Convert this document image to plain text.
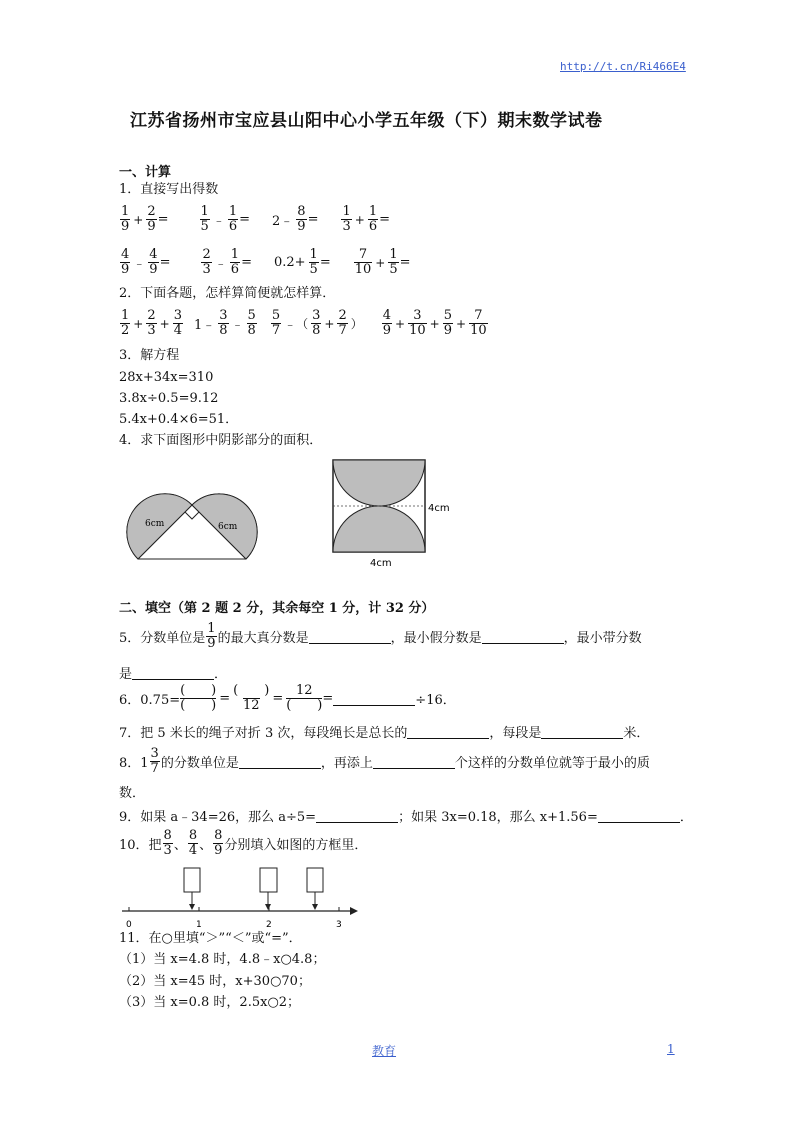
http://t.cn/Ri466E4
江苏省扬州市宝应县山阳中心小学五年级（下）期末数学试卷
一、计算
1．直接写出得数
$\frac{1}{9} + \frac{2}{9} = \frac{1}{5}$ ﹣ $\frac{1}{6}$ = 2﹣ $\frac{8}{9} = \frac{1}{3} + \frac{1}{6}$ =
$\frac{4}{9}$ ﹣ $\frac{4}{9} = \frac{2}{3}$ ﹣ $\frac{1}{6} = 0.2+ \frac{1}{5} = \frac{7}{10} + \frac{1}{5}$ =
2．下面各题，怎样算简便就怎样算．
$\frac{1}{2} + \frac{2}{3} + \frac{3}{4}$ 1﹣ $\frac{3}{8}$ ﹣ $\frac{5}{8} \frac{5}{7}$ ﹣（ $\frac{3}{8} + \frac{2}{7}$ ） $\frac{4}{9} + \frac{3}{10} + \frac{5}{9} + \frac{7}{10}$
3．解方程
28x+34x=310
3.8x÷0.5=9.12
5.4x+0.4×6=51．
4．求下面图形中阴影部分的面积．
6cm	6cm
4cm
4cm
二、填空（第 2 题 2 分，其余每空 1 分，计 32 分）
5．分数单位是 $\frac{1}{9}$ 的最大真分数是	，最小假分数是	，最小带分数
是	．
6．0.75=
(　　)
(　　) =
(　　)
12 =
12
(　　) =	÷16．
7．把 5 米长的绳子对折 3 次，每段绳长是总长的	，每段是	米．
8．$1 \frac{3}{7}$ 的分数单位是	，再添上	个这样的分数单位就等于最小的质
数．
9．如果 a﹣34=26，那么 a÷5=	；如果 3x=0.18，那么 x+1.56=	．
10．把 $\frac{8}{3}$ 、 $\frac{8}{4}$ 、 $\frac{8}{9}$ 分别填入如图的方框里．
0	1	2	3
11．在○里填“＞”“＜”或“=”．
（1）当 x=4.8 时，4.8﹣x○4.8；
（2）当 x=45 时，x+30○70；
（3）当 x=0.8 时，2.5x○2；
教育	1
